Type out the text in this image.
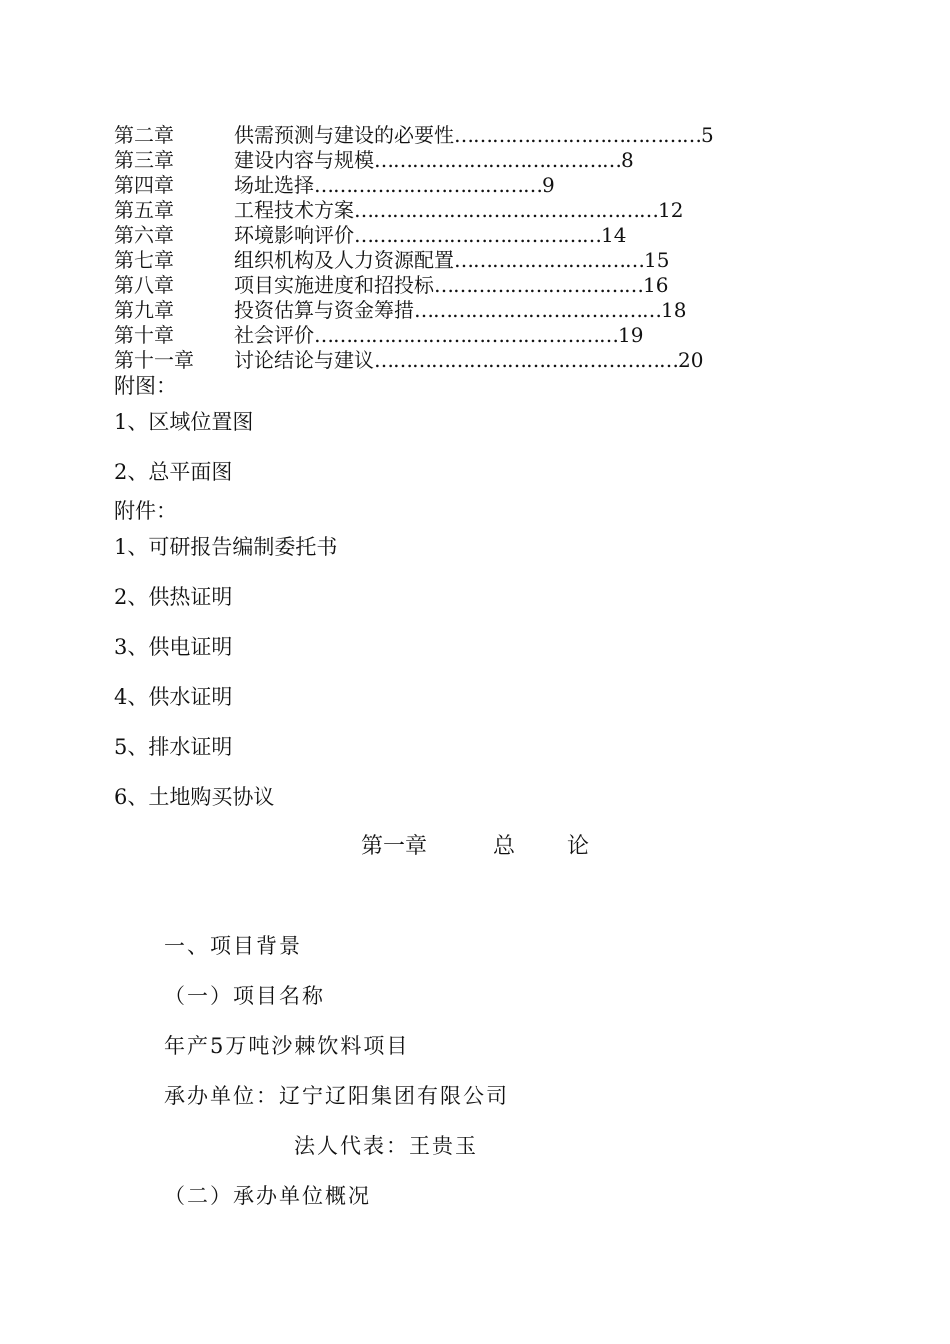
第二章	供需预测与建设的必要性 ………………………………… 5
第三章	建设内容与规模 ………………………………… 8
第四章	场址选择 ……………………………… 9
第五章	工程技术方案 ………………………………………… 12
第六章	环境影响评价 ………………………………… 14
第七章	组织机构及人力资源配置 ………………………… 15
第八章	项目实施进度和招投标 …………………………… 16
第九章	投资估算与资金筹措 ………………………………… 18
第十章	社会评价 ………………………………………… 19
第十一章	讨论结论与建议 ………………………………………… 20
附图：
1、区域位置图
2、总平面图
附件：
1、可研报告编制委托书
2、供热证明
3、供电证明
4、供水证明
5、排水证明
6、土地购买协议
第一章	总 论
一、项目背景
（一）项目名称
年产5万吨沙棘饮料项目
承办单位：辽宁辽阳集团有限公司
法人代表：王贵玉
（二）承办单位概况
